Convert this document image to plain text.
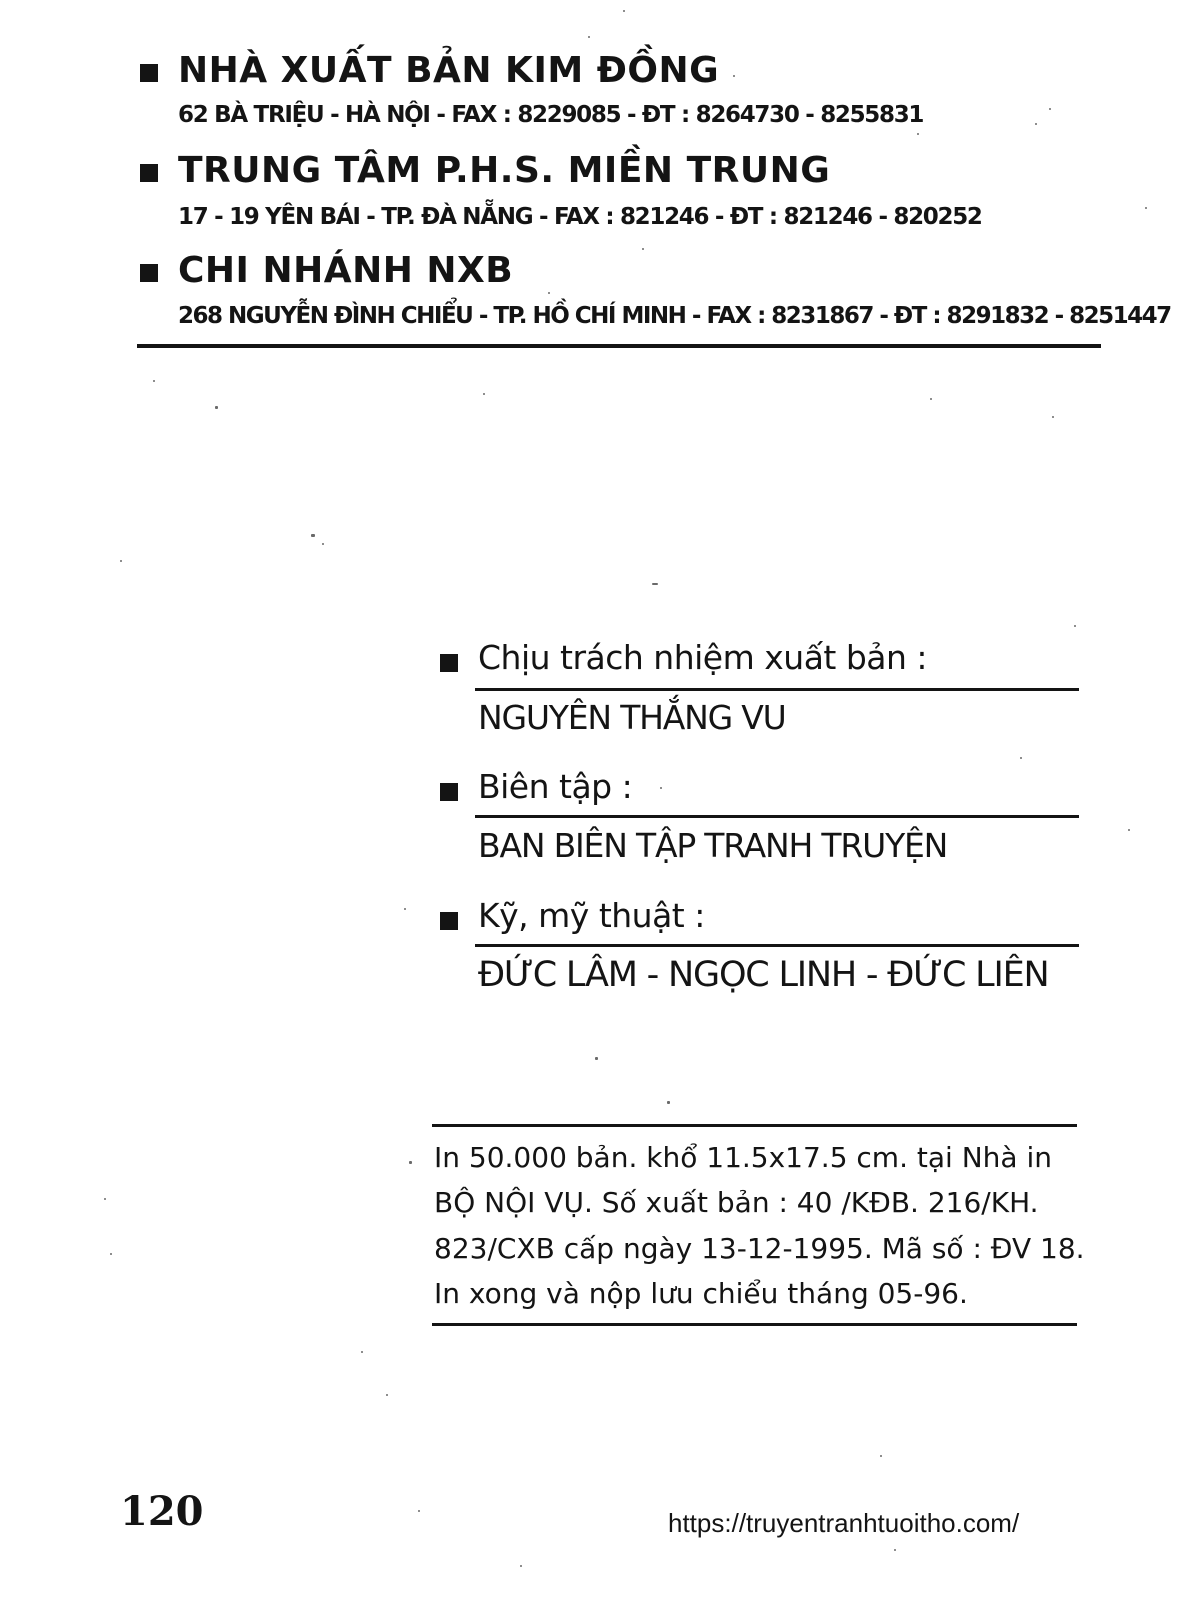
NHÀ XUẤT BẢN KIM ĐỒNG
62 BÀ TRIỆU - HÀ NỘI - FAX : 8229085 - ĐT : 8264730 - 8255831
TRUNG TÂM P.H.S. MIỀN TRUNG
17 - 19 YÊN BÁI - TP. ĐÀ NẴNG - FAX : 821246 - ĐT : 821246 - 820252
CHI NHÁNH NXB
268 NGUYỄN ĐÌNH CHIỂU - TP. HỒ CHÍ MINH - FAX : 8231867 - ĐT : 8291832 - 8251447
Chịu trách nhiệm xuất bản :
NGUYÊN THẮNG VU
Biên tập :
BAN BIÊN TẬP TRANH TRUYỆN
Kỹ, mỹ thuật :
ĐỨC LÂM - NGỌC LINH - ĐỨC LIÊN
In 50.000 bản. khổ 11.5x17.5 cm. tại Nhà in
BỘ NỘI VỤ. Số xuất bản : 40 /KĐB. 216/KH.
823/CXB cấp ngày 13-12-1995. Mã số : ĐV 18.
In xong và nộp lưu chiểu tháng 05-96.
120	https://truyentranhtuoitho.com/
